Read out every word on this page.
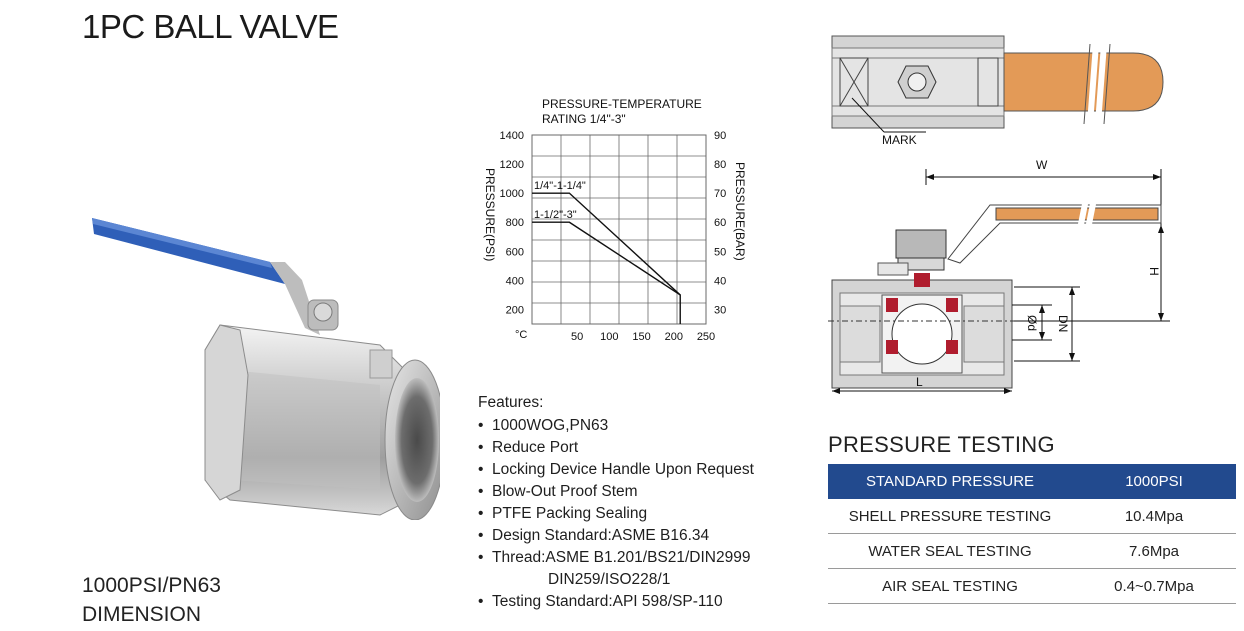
1PC BALL VALVE
PRESSURE-TEMPERATURE
RATING 1/4"-3"
200
400
600
800
1000
1200
1400
30
40
50
60
70
80
90
50 100 150 200 250
1/4"-1-1/4"
1-1/2"-3"
PRESSURE(PSI)	PRESSURE(BAR)
°C
Features:
• 1000WOG,PN63
• Reduce Port
• Locking Device Handle Upon Request
• Blow-Out Proof Stem
• PTFE Packing Sealing
• Design Standard:ASME B16.34
• Thread:ASME B1.201/BS21/DIN2999
DIN259/ISO228/1
• Testing Standard:API 598/SP-110
1000PSI/PN63
DIMENSION
MARK
W
H
Ød DN
L
PRESSURE TESTING
STANDARD PRESSURE	1000PSI
SHELL PRESSURE TESTING	10.4Mpa
WATER SEAL TESTING	7.6Mpa
AIR SEAL TESTING	0.4~0.7Mpa
